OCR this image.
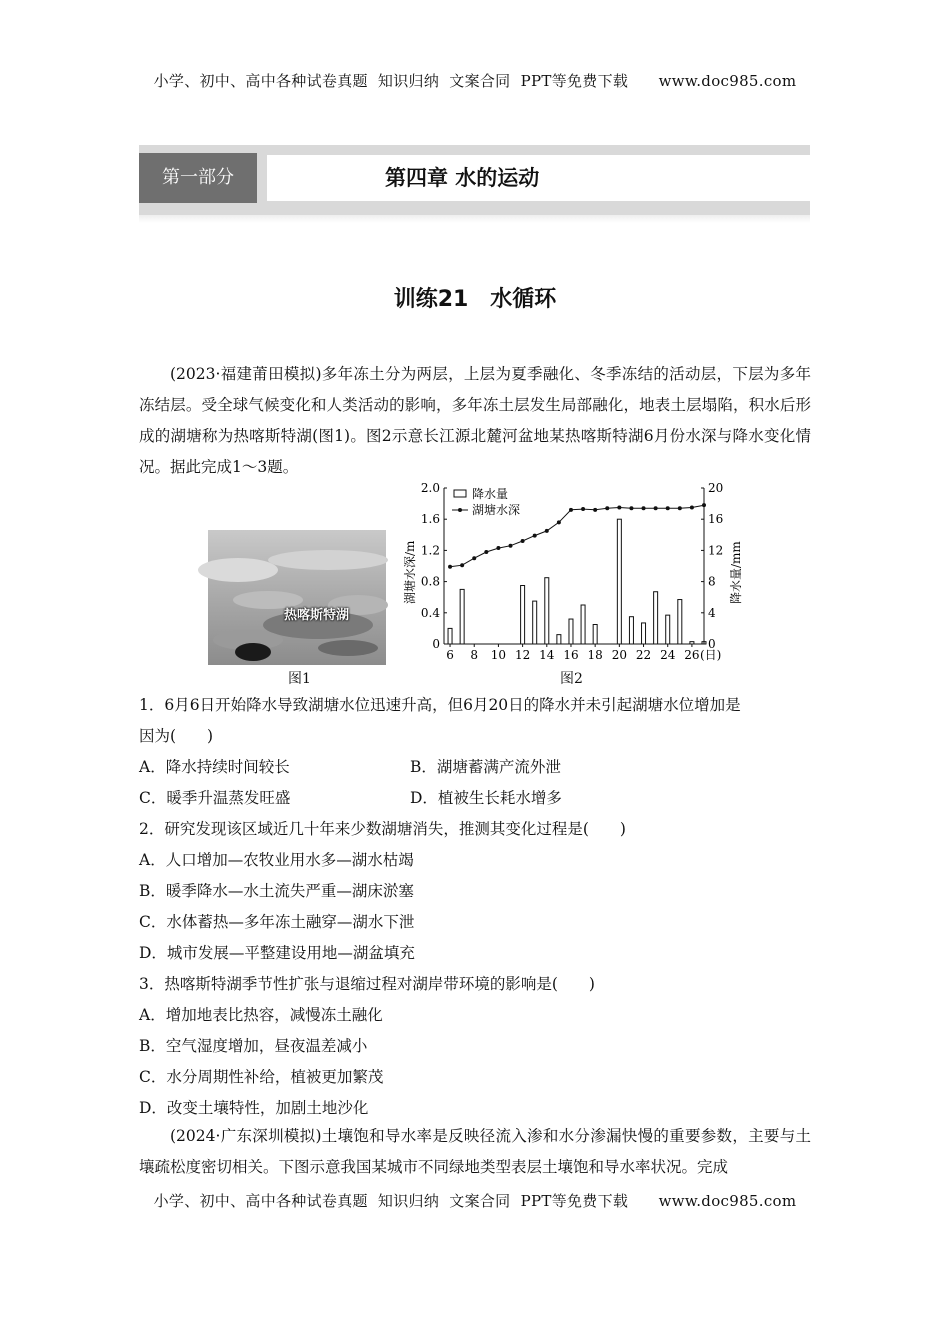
小学、初中、高中各种试卷真题  知识归纳  文案合同  PPT等免费下载      www.doc985.com
第一部分	第四章 水的运动
训练21　水循环
(2023·福建莆田模拟)多年冻土分为两层，上层为夏季融化、冬季冻结的活动层，下层为多年冻结层。受全球气候变化和人类活动的影响，多年冻土层发生局部融化，地表土层塌陷，积水后形成的湖塘称为热喀斯特湖(图1)。图2示意长江源北麓河盆地某热喀斯特湖6月份水深与降水变化情况。据此完成1～3题。
热喀斯特湖
图1
6 8 10 12 14 16 18 20 22 24 26
0
0.4
0.8
1.2
1.6
2.0
0
4
8
12
16
20
降水量
湖塘水深
湖塘水深/m	降水量/mm
(日)
图2
1．6月6日开始降水导致湖塘水位迅速升高，但6月20日的降水并未引起湖塘水位增加是
因为(　　)
A．降水持续时间较长	B．湖塘蓄满产流外泄
C．暖季升温蒸发旺盛	D．植被生长耗水增多
2．研究发现该区域近几十年来少数湖塘消失，推测其变化过程是(　　)
A．人口增加—农牧业用水多—湖水枯竭
B．暖季降水—水土流失严重—湖床淤塞
C．水体蓄热—多年冻土融穿—湖水下泄
D．城市发展—平整建设用地—湖盆填充
3．热喀斯特湖季节性扩张与退缩过程对湖岸带环境的影响是(　　)
A．增加地表比热容，减慢冻土融化
B．空气湿度增加，昼夜温差减小
C．水分周期性补给，植被更加繁茂
D．改变土壤特性，加剧土地沙化
(2024·广东深圳模拟)土壤饱和导水率是反映径流入渗和水分渗漏快慢的重要参数，主要与土壤疏松度密切相关。下图示意我国某城市不同绿地类型表层土壤饱和导水率状况。完成
小学、初中、高中各种试卷真题  知识归纳  文案合同  PPT等免费下载      www.doc985.com
